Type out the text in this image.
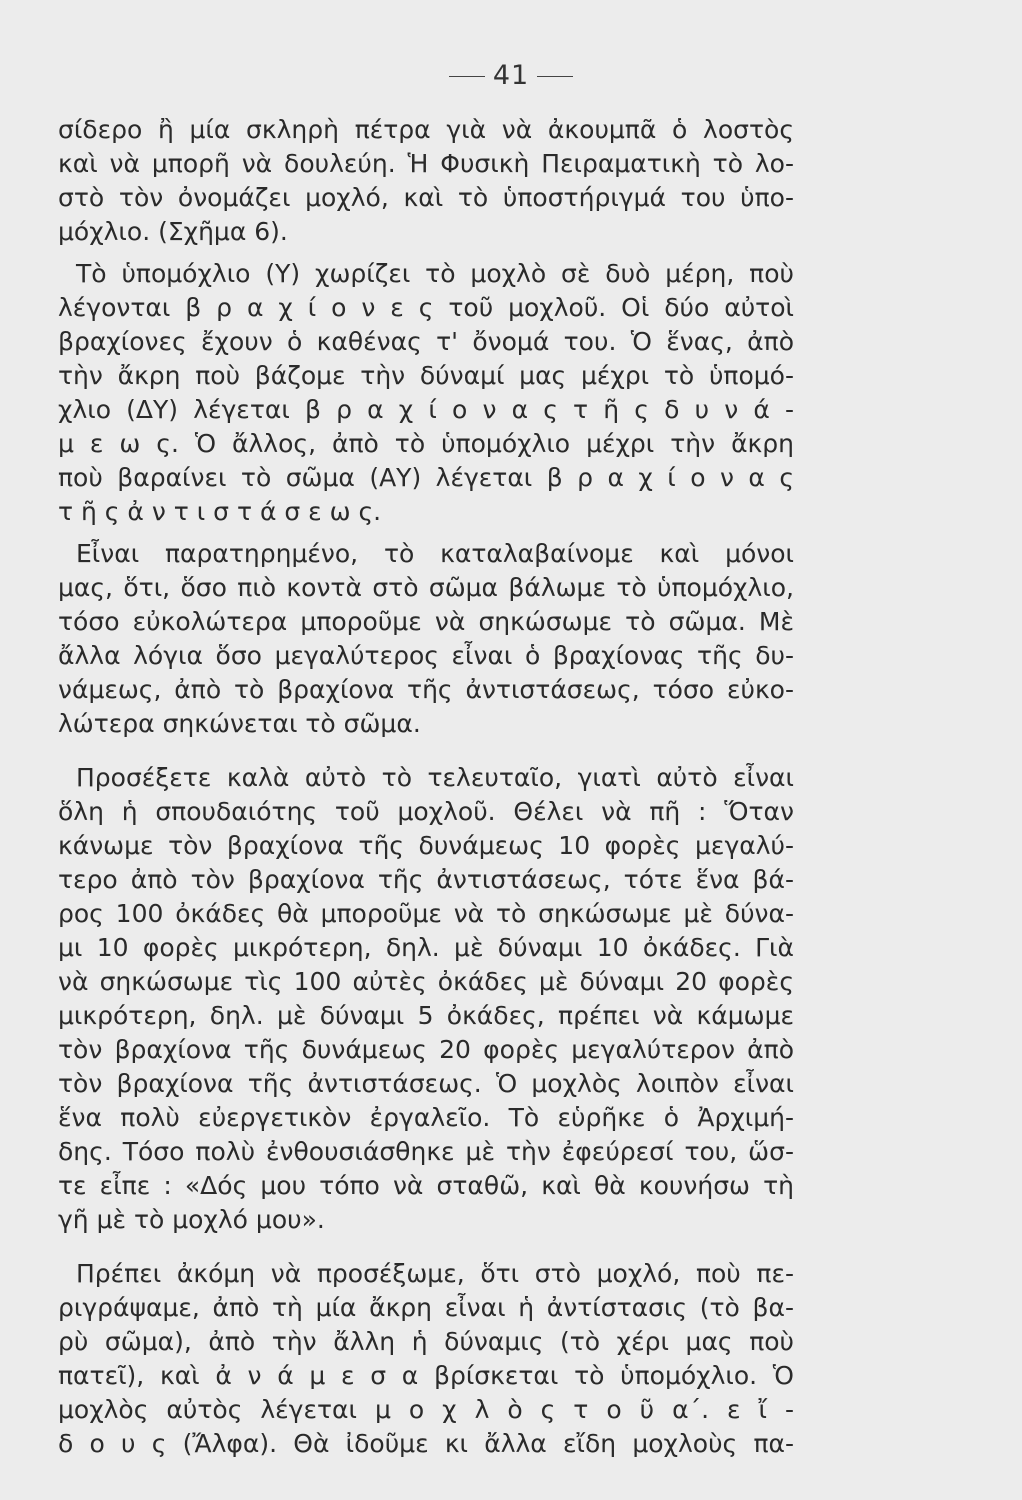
41
σίδερο ἢ μία σκληρὴ πέτρα γιὰ νὰ ἀκουμπᾶ ὁ λοστὸς
καὶ νὰ μπορῆ νὰ δουλεύη. Ἡ Φυσικὴ Πειραματικὴ τὸ λο-
στὸ τὸν ὀνομάζει μοχλό, καὶ τὸ ὑποστήριγμά του ὑπο-
μόχλιο. (Σχῆμα 6).
Τὸ ὑπομόχλιο (Υ) χωρίζει τὸ μοχλὸ σὲ δυὸ μέρη, ποὺ
λέγονται β ρ α χ ί ο ν ε ς τοῦ μοχλοῦ. Οἱ δύο αὐτοὶ
βραχίονες ἔχουν ὁ καθένας τ' ὄνομά του. Ὁ ἕνας, ἀπὸ
τὴν ἄκρη ποὺ βάζομε τὴν δύναμί μας μέχρι τὸ ὑπομό-
χλιο (ΔΥ) λέγεται β ρ α χ ί ο ν α ς τ ῆ ς δ υ ν ά -
μ ε ω ς. Ὁ ἄλλος, ἀπὸ τὸ ὑπομόχλιο μέχρι τὴν ἄκρη
ποὺ βαραίνει τὸ σῶμα (ΑΥ) λέγεται β ρ α χ ί ο ν α ς
τ ῆ ς ἀ ν τ ι σ τ ά σ ε ω ς.
Εἶναι παρατηρημένο, τὸ καταλαβαίνομε καὶ μόνοι
μας, ὅτι, ὅσο πιὸ κοντὰ στὸ σῶμα βάλωμε τὸ ὑπομόχλιο,
τόσο εὐκολώτερα μποροῦμε νὰ σηκώσωμε τὸ σῶμα. Μὲ
ἄλλα λόγια ὅσο μεγαλύτερος εἶναι ὁ βραχίονας τῆς δυ-
νάμεως, ἀπὸ τὸ βραχίονα τῆς ἀντιστάσεως, τόσο εὐκο-
λώτερα σηκώνεται τὸ σῶμα.
Προσέξετε καλὰ αὐτὸ τὸ τελευταῖο, γιατὶ αὐτὸ εἶναι
ὅλη ἡ σπουδαιότης τοῦ μοχλοῦ. Θέλει νὰ πῆ : Ὅταν
κάνωμε τὸν βραχίονα τῆς δυνάμεως 10 φορὲς μεγαλύ-
τερο ἀπὸ τὸν βραχίονα τῆς ἀντιστάσεως, τότε ἕνα βά-
ρος 100 ὀκάδες θὰ μποροῦμε νὰ τὸ σηκώσωμε μὲ δύνα-
μι 10 φορὲς μικρότερη, δηλ. μὲ δύναμι 10 ὀκάδες. Γιὰ
νὰ σηκώσωμε τὶς 100 αὐτὲς ὀκάδες μὲ δύναμι 20 φορὲς
μικρότερη, δηλ. μὲ δύναμι 5 ὀκάδες, πρέπει νὰ κάμωμε
τὸν βραχίονα τῆς δυνάμεως 20 φορὲς μεγαλύτερον ἀπὸ
τὸν βραχίονα τῆς ἀντιστάσεως. Ὁ μοχλὸς λοιπὸν εἶναι
ἕνα πολὺ εὐεργετικὸν ἐργαλεῖο. Τὸ εὑρῆκε ὁ Ἀρχιμή-
δης. Τόσο πολὺ ἐνθουσιάσθηκε μὲ τὴν ἐφεύρεσί του, ὥσ-
τε εἶπε : «Δός μου τόπο νὰ σταθῶ, καὶ θὰ κουνήσω τὴ
γῆ μὲ τὸ μοχλό μου».
Πρέπει ἀκόμη νὰ προσέξωμε, ὅτι στὸ μοχλό, ποὺ πε-
ριγράψαμε, ἀπὸ τὴ μία ἄκρη εἶναι ἡ ἀντίστασις (τὸ βα-
ρὺ σῶμα), ἀπὸ τὴν ἄλλη ἡ δύναμις (τὸ χέρι μας ποὺ
πατεῖ), καὶ ἀ ν ά μ ε σ α βρίσκεται τὸ ὑπομόχλιο. Ὁ
μοχλὸς αὐτὸς λέγεται μ ο χ λ ὸ ς τ ο ῦ α΄. ε ἴ -
δ ο υ ς (Ἄλφα). Θὰ ἰδοῦμε κι ἄλλα εἴδη μοχλοὺς πα-
